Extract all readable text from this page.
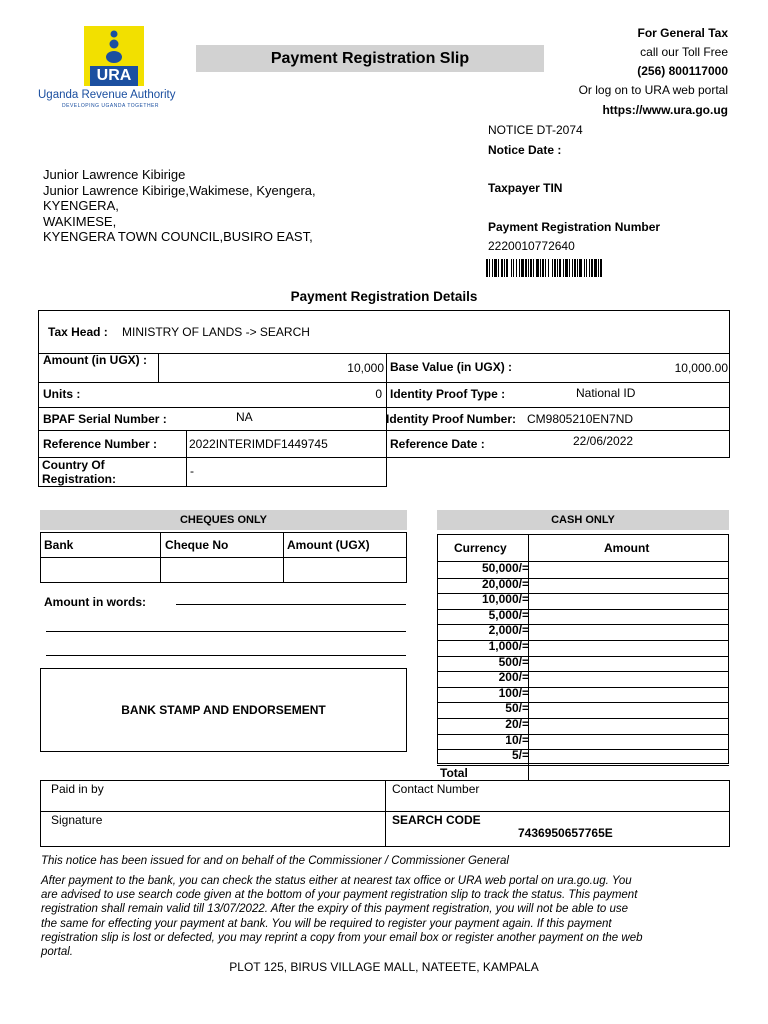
URA
Uganda Revenue Authority
DEVELOPING UGANDA TOGETHER
Payment Registration Slip
For General Tax
call our Toll Free
(256) 800117000
Or log on to URA web portal
https://www.ura.go.ug
NOTICE DT-2074
Notice Date :
Taxpayer TIN
Payment Registration Number
2220010772640
Junior Lawrence Kibirige
Junior Lawrence Kibirige,Wakimese, Kyengera,
KYENGERA,
WAKIMESE,
KYENGERA TOWN COUNCIL,BUSIRO EAST,
Payment Registration Details
Tax Head : MINISTRY OF LANDS -> SEARCH
Amount (in UGX) :
10,000 Base Value (in UGX) :	10,000.00
Units :	0 Identity Proof Type :	National ID
BPAF Serial Number :	NA	Identity Proof Number: CM9805210EN7ND
Reference Number :	2022INTERIMDF1449745	Reference Date :	22/06/2022
Country Of
Registration:
-
CHEQUES ONLY
Bank	Cheque No	Amount (UGX)
Amount in words:
BANK STAMP AND ENDORSEMENT
CASH ONLY
Currency	Amount
50,000/=
20,000/=
10,000/=
5,000/=
2,000/=
1,000/=
500/=
200/=
100/=
50/=
20/=
10/=
5/=
Total
Paid in by	Contact Number
Signature	SEARCH CODE
7436950657765E
This notice has been issued for and on behalf of the Commissioner / Commissioner General
After payment to the bank, you can check the status either at nearest tax office or URA web portal on ura.go.ug. You
are advised to use search code given at the bottom of your payment registration slip to track the status. This payment
registration shall remain valid till 13/07/2022. After the expiry of this payment registration, you will not be able to use
the same for effecting your payment at bank. You will be required to register your payment again. If this payment
registration slip is lost or defected, you may reprint a copy from your email box or register another payment on the web
portal.
PLOT 125, BIRUS VILLAGE MALL, NATEETE, KAMPALA
